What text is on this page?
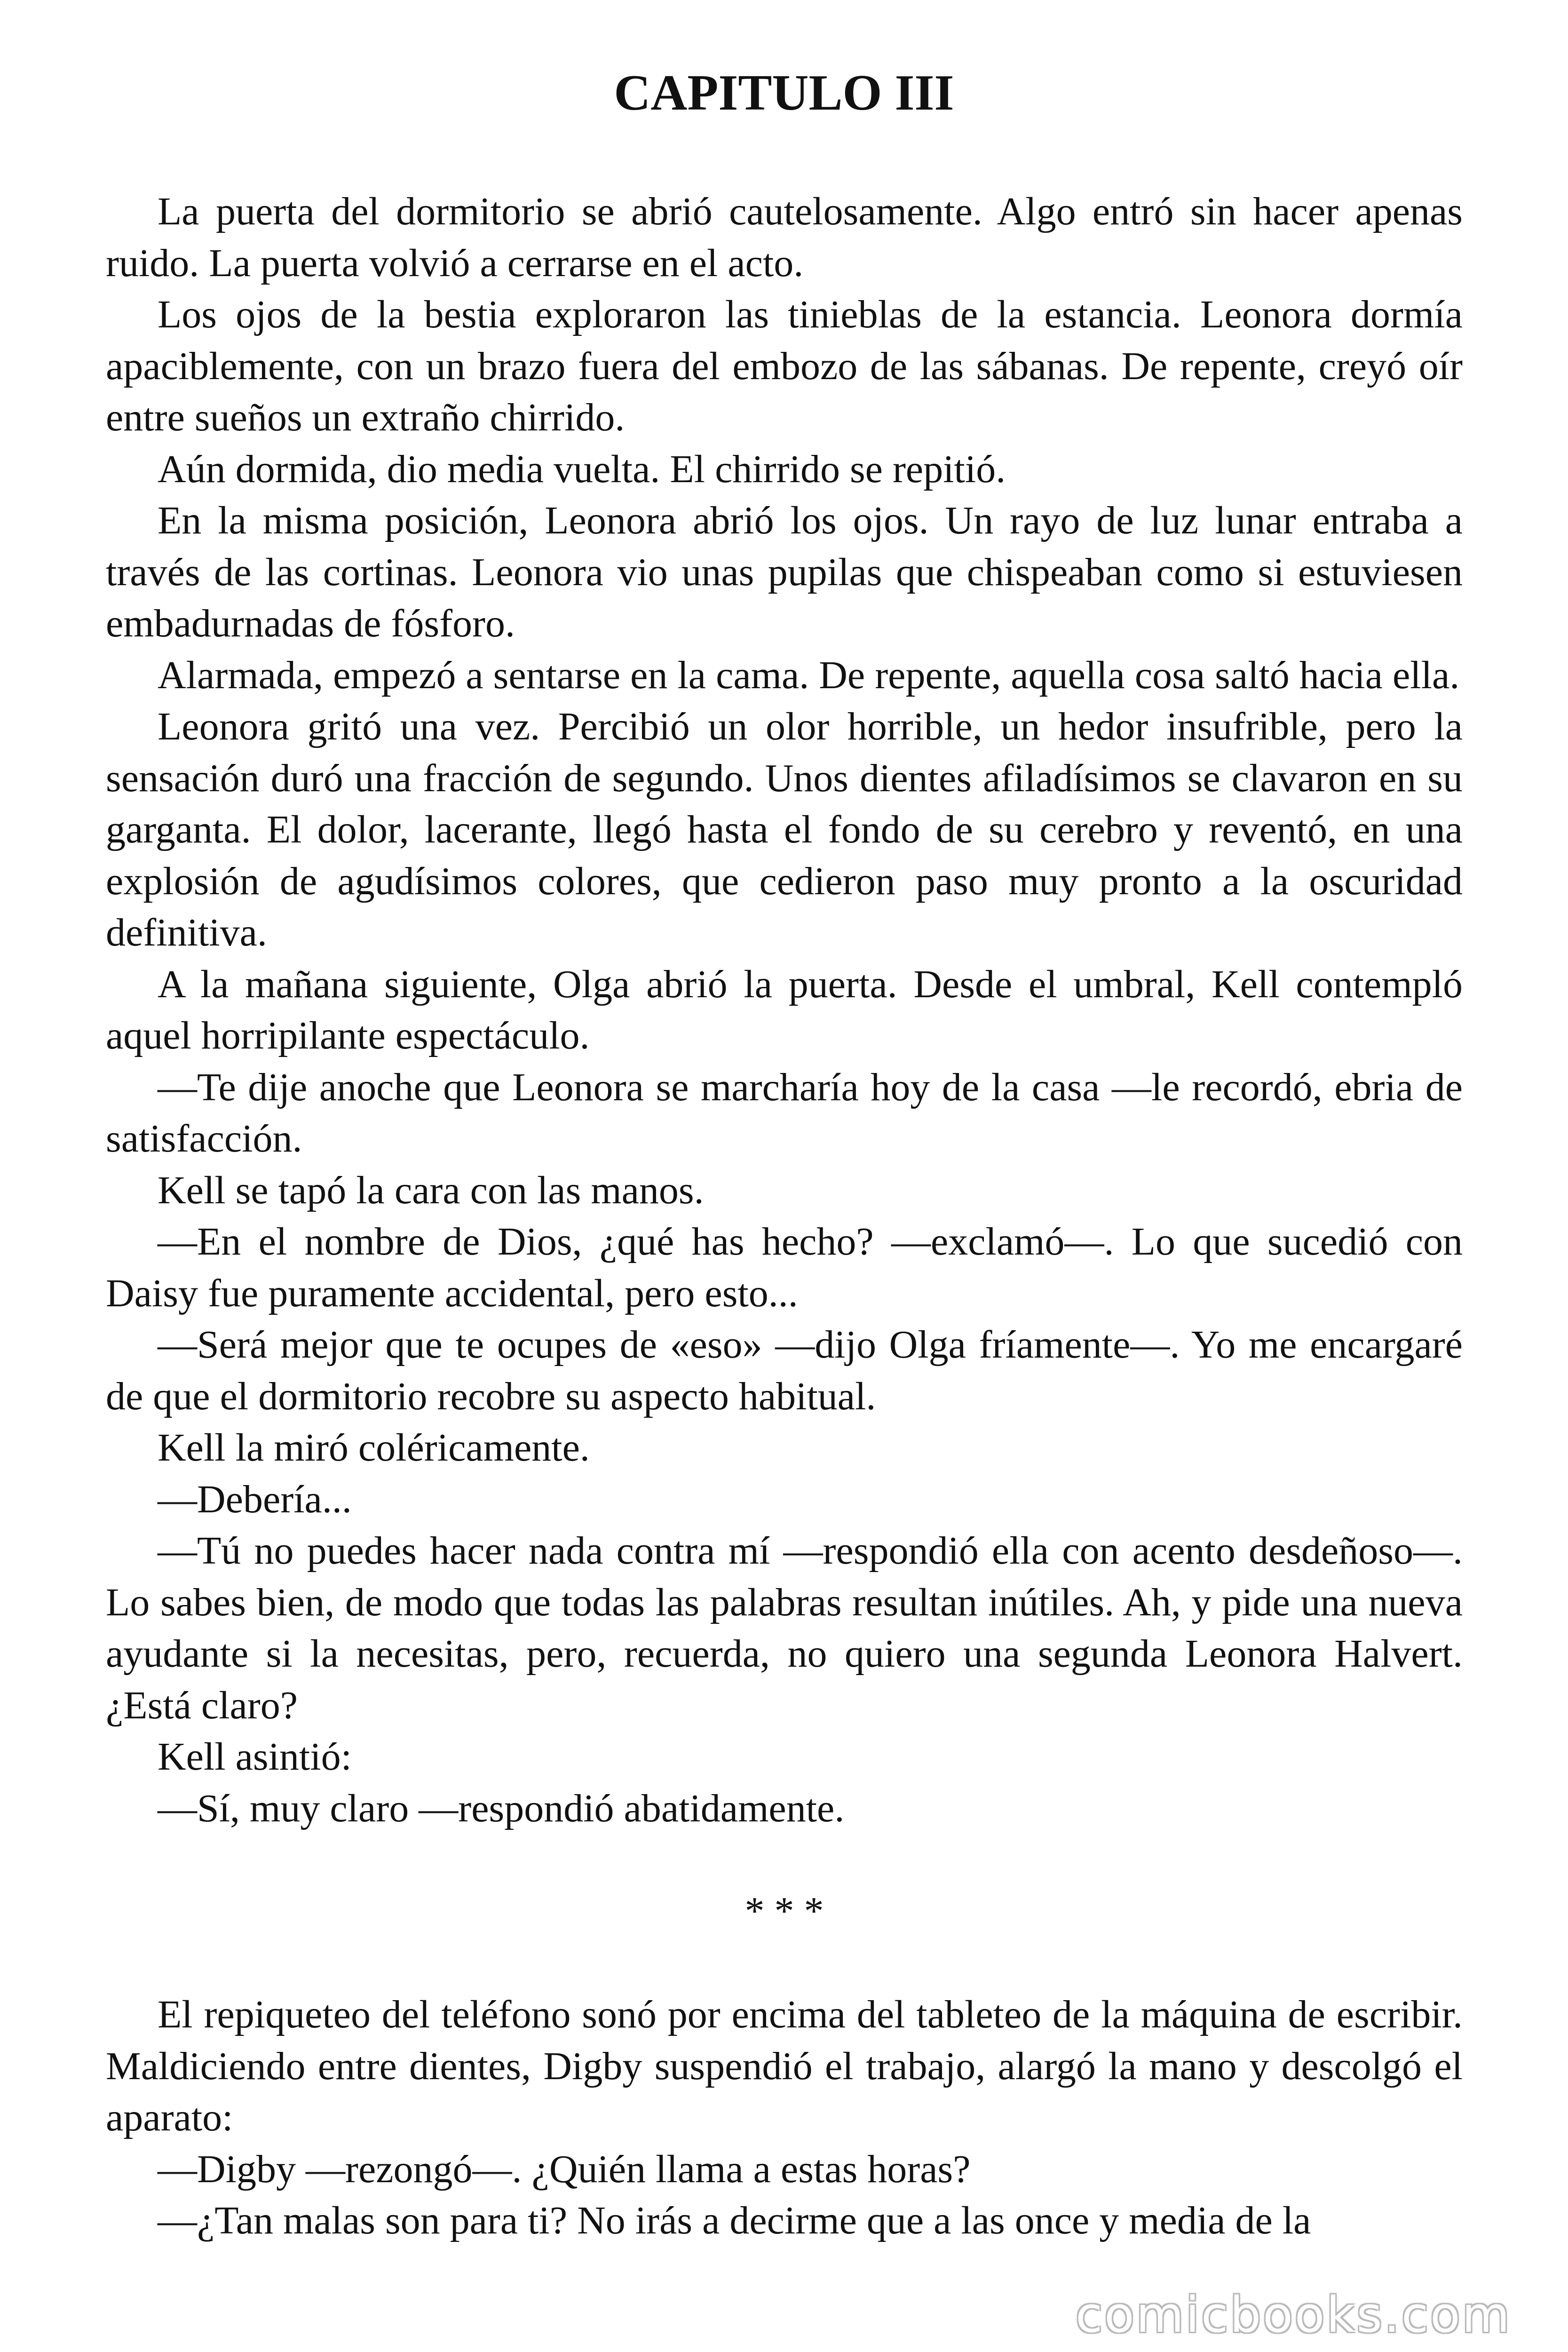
CAPITULO III

La puerta del dormitorio se abrió cautelosamente. Algo entró sin hacer apenas ruido. La puerta volvió a cerrarse en el acto.

Los ojos de la bestia exploraron las tinieblas de la estancia. Leonora dormía apaciblemente, con un brazo fuera del embozo de las sábanas. De repente, creyó oír entre sueños un extraño chirrido.

Aún dormida, dio media vuelta. El chirrido se repitió.

En la misma posición, Leonora abrió los ojos. Un rayo de luz lunar entraba a través de las cortinas. Leonora vio unas pupilas que chispeaban como si estuviesen embadurnadas de fósforo.

Alarmada, empezó a sentarse en la cama. De repente, aquella cosa saltó hacia ella.

Leonora gritó una vez. Percibió un olor horrible, un hedor insufrible, pero la sensación duró una fracción de segundo. Unos dientes afiladísimos se clavaron en su garganta. El dolor, lacerante, llegó hasta el fondo de su cerebro y reventó, en una explosión de agudísimos colores, que cedieron paso muy pronto a la oscuridad definitiva.

A la mañana siguiente, Olga abrió la puerta. Desde el umbral, Kell contempló aquel horripilante espectáculo.

—Te dije anoche que Leonora se marcharía hoy de la casa —le recordó, ebria de satisfacción.

Kell se tapó la cara con las manos.

—En el nombre de Dios, ¿qué has hecho? —exclamó—. Lo que sucedió con Daisy fue puramente accidental, pero esto...

—Será mejor que te ocupes de «eso» —dijo Olga fríamente—. Yo me encargaré de que el dormitorio recobre su aspecto habitual.

Kell la miró coléricamente.

—Debería...

—Tú no puedes hacer nada contra mí —respondió ella con acento desdeñoso—. Lo sabes bien, de modo que todas las palabras resultan inútiles. Ah, y pide una nueva ayudante si la necesitas, pero, recuerda, no quiero una segunda Leonora Halvert. ¿Está claro?

Kell asintió:

—Sí, muy claro —respondió abatidamente.

* * *

El repiqueteo del teléfono sonó por encima del tableteo de la máquina de escribir. Maldiciendo entre dientes, Digby suspendió el trabajo, alargó la mano y descolgó el aparato:

—Digby —rezongó—. ¿Quién llama a estas horas?

—¿Tan malas son para ti? No irás a decirme que a las once y media de la

comicbooks.com
